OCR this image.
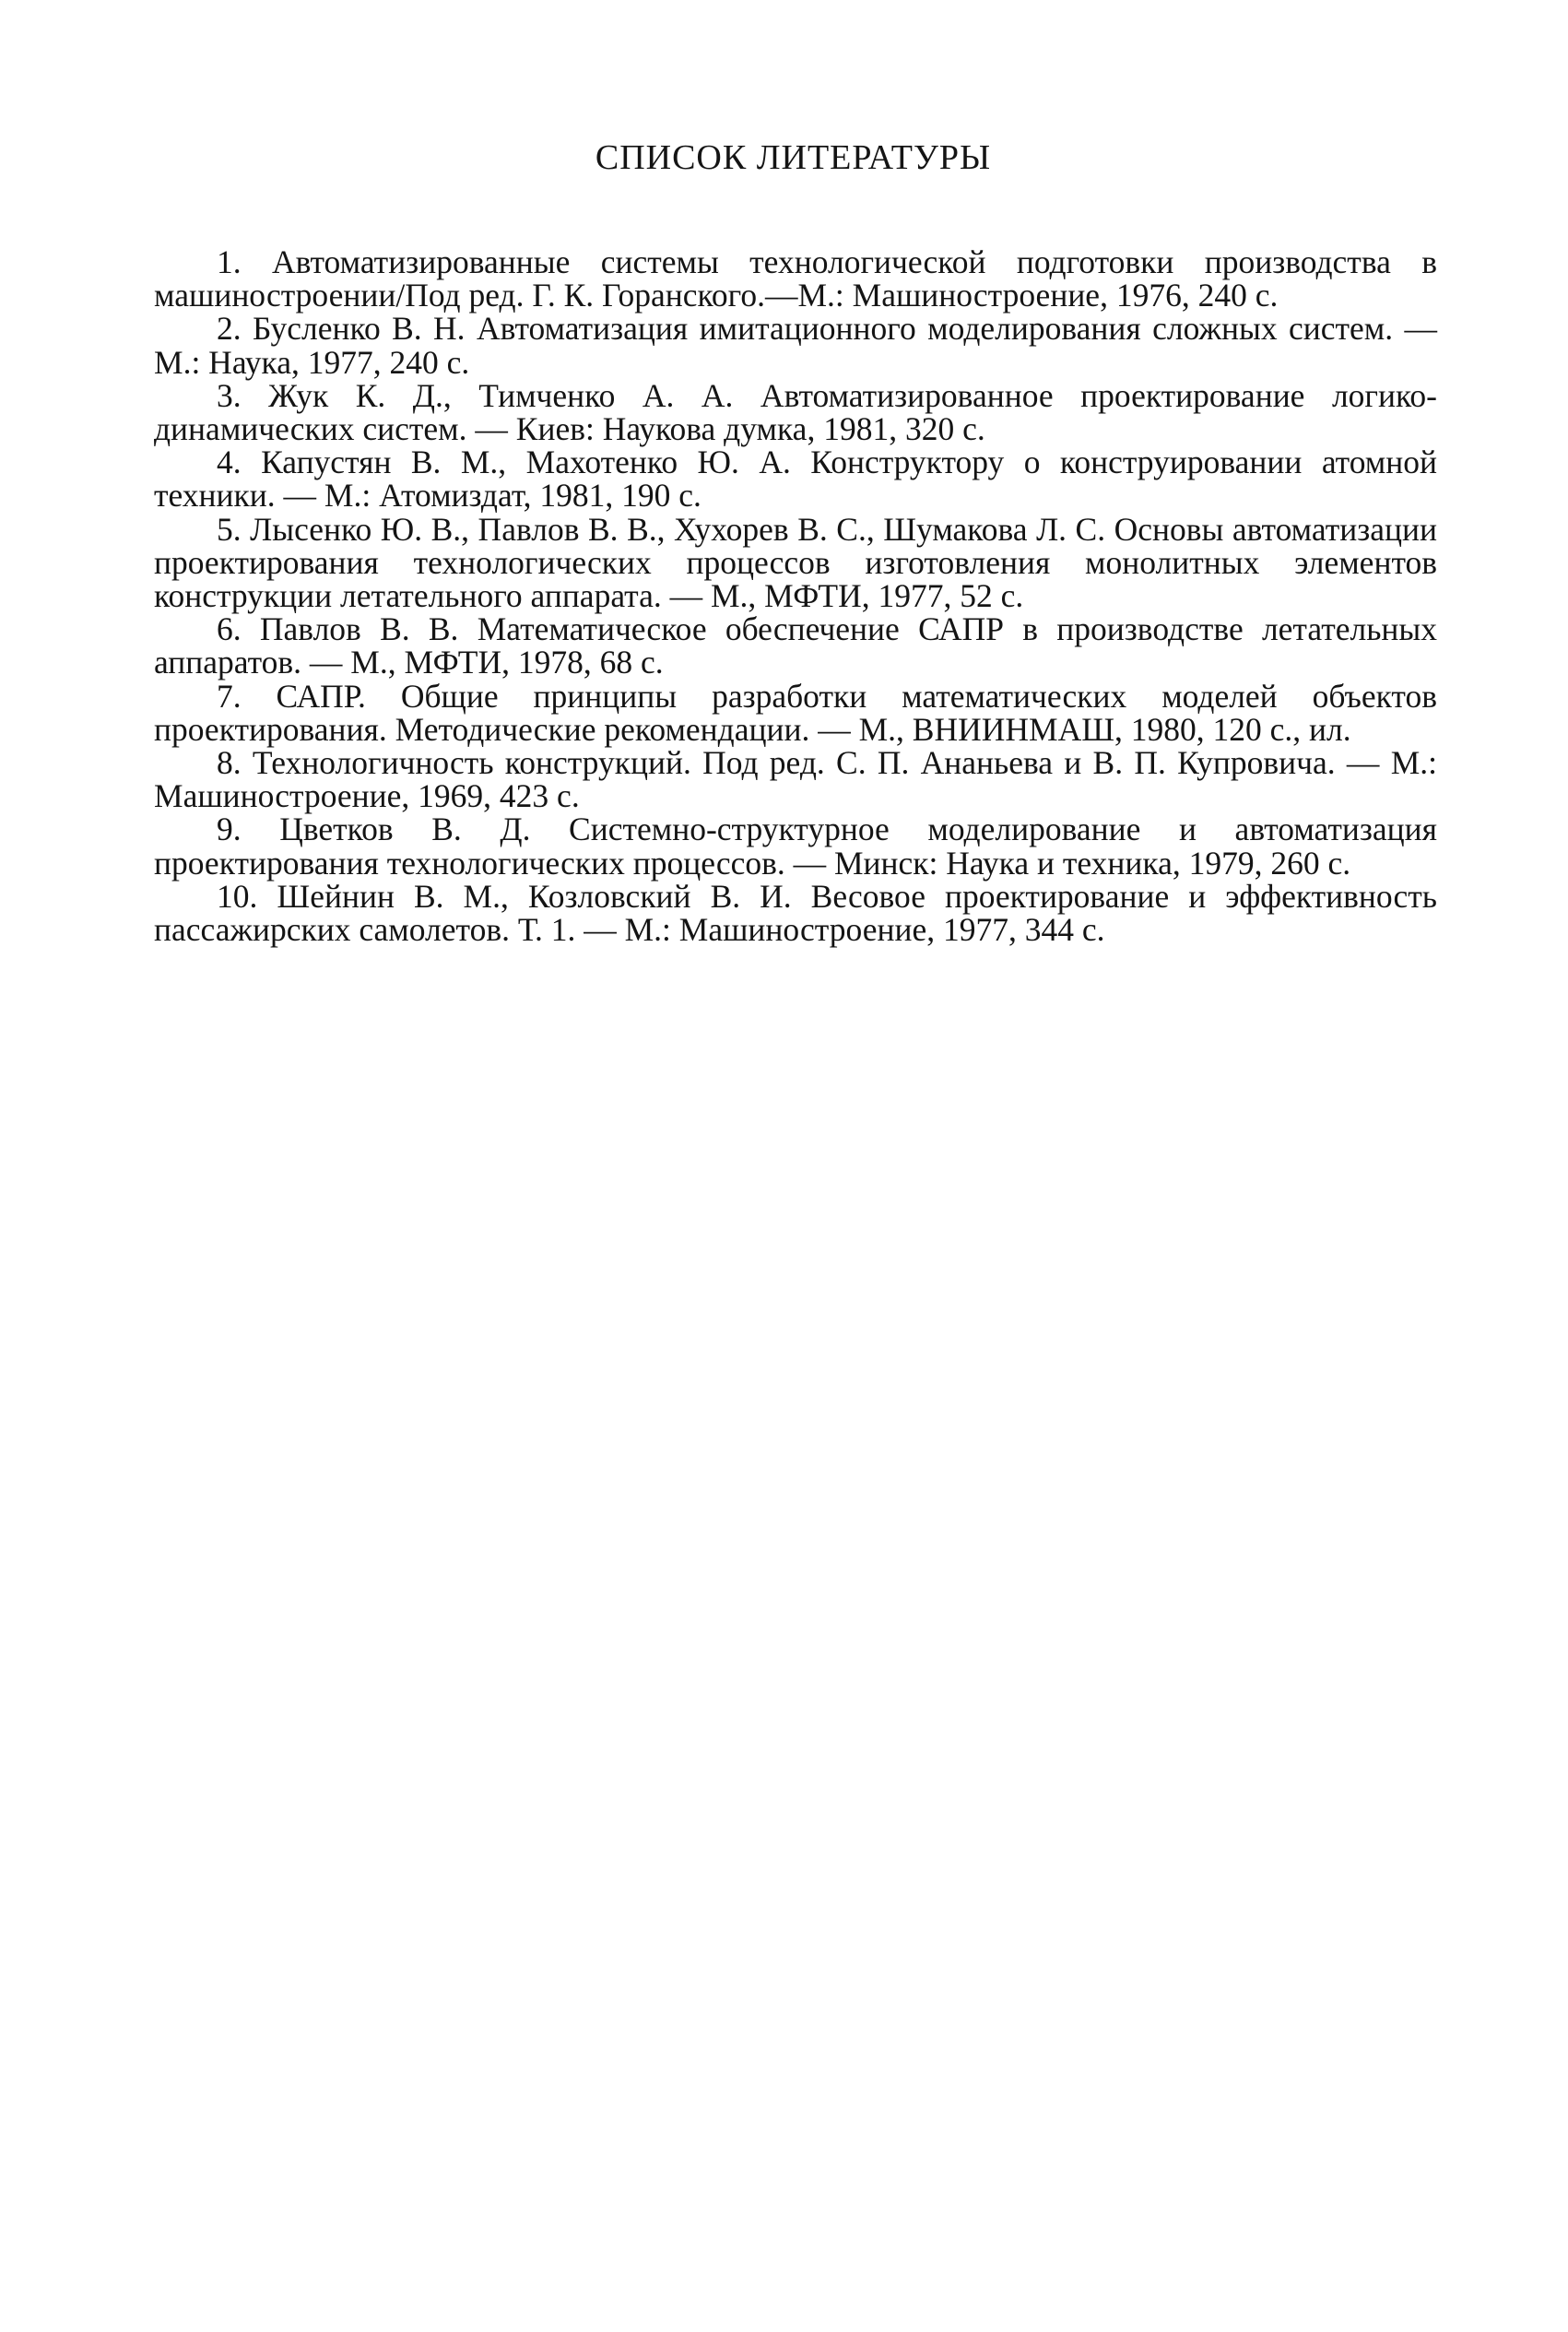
СПИСОК ЛИТЕРАТУРЫ
1. Автоматизированные системы технологической подготовки производства в машиностроении/Под ред. Г. К. Горанского.—М.: Машиностроение, 1976, 240 с.
2. Бусленко В. Н. Автоматизация имитационного моделирования сложных систем. — М.: Наука, 1977, 240 с.
3. Жук К. Д., Тимченко А. А. Автоматизированное проектирование логико-динамических систем. — Киев: Наукова думка, 1981, 320 с.
4. Капустян В. М., Махотенко Ю. А. Конструктору о конструировании атомной техники. — М.: Атомиздат, 1981, 190 с.
5. Лысенко Ю. В., Павлов В. В., Хухорев В. С., Шумакова Л. С. Основы автоматизации проектирования технологических процессов изготовления монолитных элементов конструкции летательного аппарата. — М., МФТИ, 1977, 52 с.
6. Павлов В. В. Математическое обеспечение САПР в производстве летательных аппаратов. — М., МФТИ, 1978, 68 с.
7. САПР. Общие принципы разработки математических моделей объектов проектирования. Методические рекомендации. — М., ВНИИНМАШ, 1980, 120 с., ил.
8. Технологичность конструкций. Под ред. С. П. Ананьева и В. П. Купровича. — М.: Машиностроение, 1969, 423 с.
9. Цветков В. Д. Системно-структурное моделирование и автоматизация проектирования технологических процессов. — Минск: Наука и техника, 1979, 260 с.
10. Шейнин В. М., Козловский В. И. Весовое проектирование и эффективность пассажирских самолетов. Т. 1. — М.: Машиностроение, 1977, 344 с.
